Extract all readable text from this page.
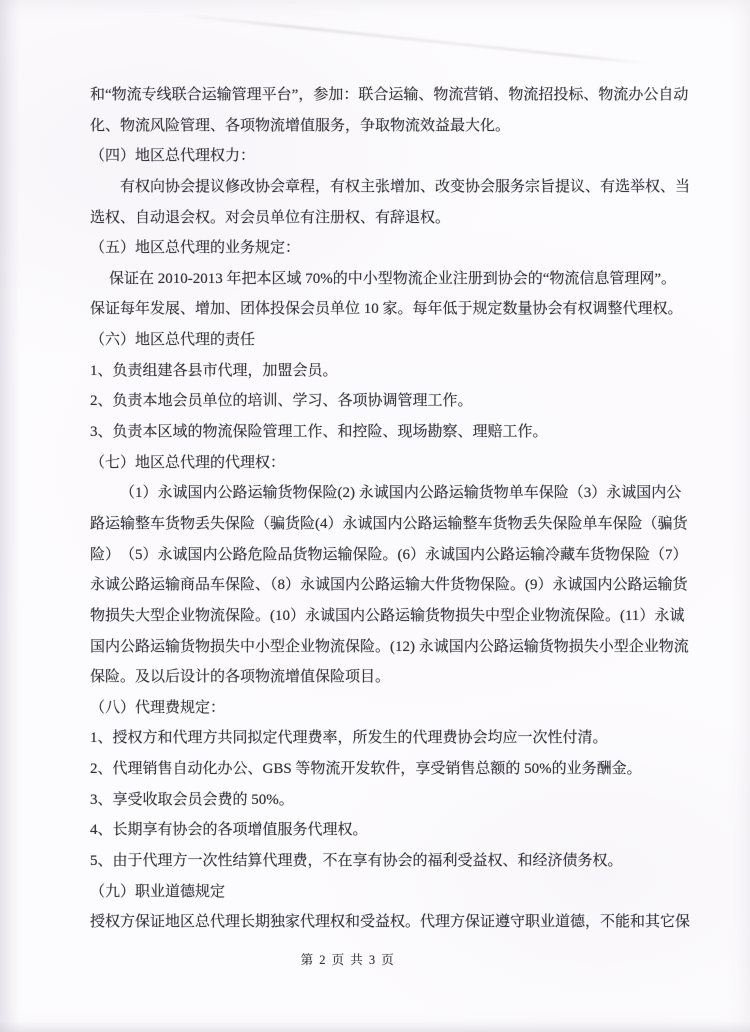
和“物流专线联合运输管理平台”，参加：联合运输、物流营销、物流招投标、物流办公自动
化、物流风险管理、各项物流增值服务，争取物流效益最大化。
（四）地区总代理权力：
有权向协会提议修改协会章程，有权主张增加、改变协会服务宗旨提议、有选举权、当
选权、自动退会权。对会员单位有注册权、有辞退权。
（五）地区总代理的业务规定：
保证在 2010-2013 年把本区域 70%的中小型物流企业注册到协会的“物流信息管理网”。
保证每年发展、增加、团体投保会员单位 10 家。每年低于规定数量协会有权调整代理权。
（六）地区总代理的责任
1、负责组建各县市代理，加盟会员。
2、负责本地会员单位的培训、学习、各项协调管理工作。
3、负责本区域的物流保险管理工作、和控险、现场勘察、理赔工作。
（七）地区总代理的代理权：
（1）永诚国内公路运输货物保险(2) 永诚国内公路运输货物单车保险（3）永诚国内公
路运输整车货物丢失保险（骗货险(4）永诚国内公路运输整车货物丢失保险单车保险（骗货
险）　（5）永诚国内公路危险品货物运输保险。(6）永诚国内公路运输冷藏车货物保险（7）
永诚公路运输商品车保险、（8）永诚国内公路运输大件货物保险。(9）永诚国内公路运输货
物损失大型企业物流保险。(10）永诚国内公路运输货物损失中型企业物流保险。(11）永诚
国内公路运输货物损失中小型企业物流保险。(12) 永诚国内公路运输货物损失小型企业物流
保险。及以后设计的各项物流增值保险项目。
（八）代理费规定：
1、授权方和代理方共同拟定代理费率，所发生的代理费协会均应一次性付清。
2、代理销售自动化办公、GBS 等物流开发软件，享受销售总额的 50%的业务酬金。
3、享受收取会员会费的 50%。
4、长期享有协会的各项增值服务代理权。
5、由于代理方一次性结算代理费，不在享有协会的福利受益权、和经济债务权。
（九）职业道德规定
授权方保证地区总代理长期独家代理权和受益权。代理方保证遵守职业道德，不能和其它保
第 2 页 共 3 页
